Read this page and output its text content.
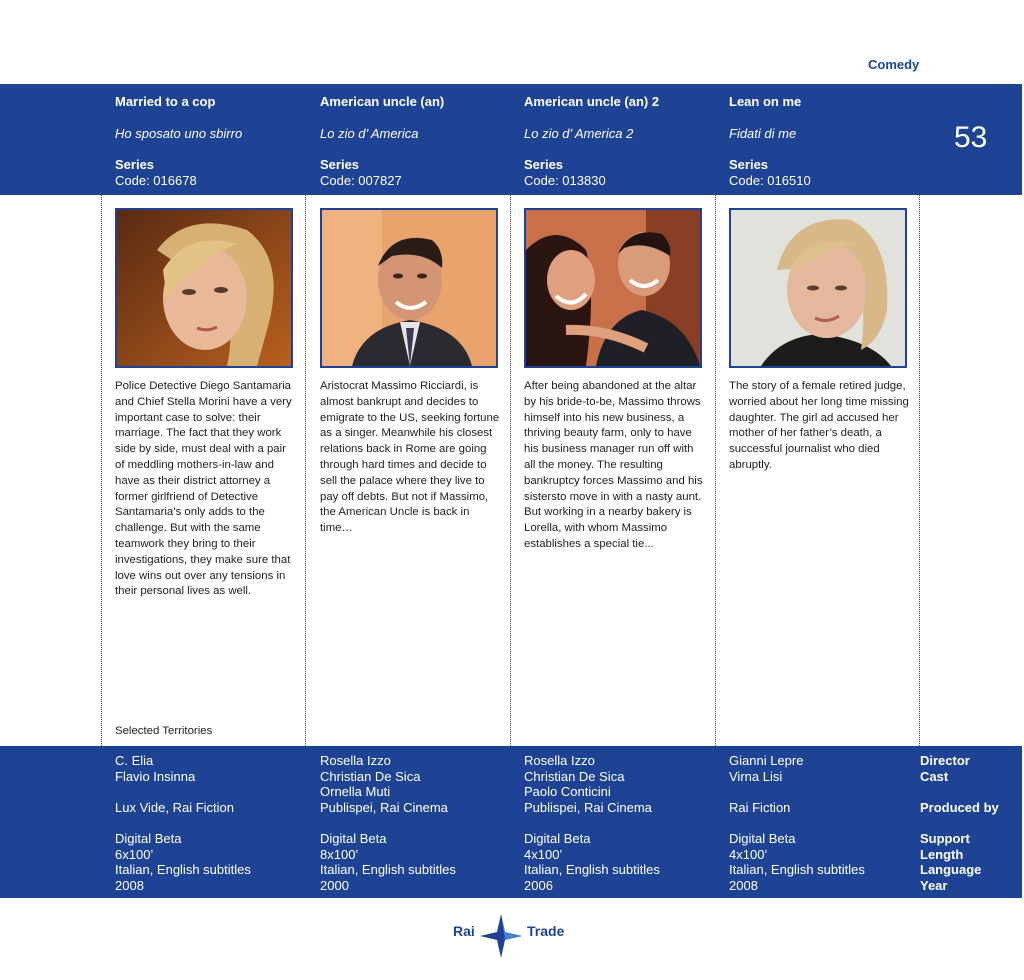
Comedy
53
Married to a cop
Ho sposato uno sbirro
Series
Code: 016678
American uncle (an)
Lo zio d’ America
Series
Code: 007827
American uncle (an) 2
Lo zio d’ America 2
Series
Code: 013830
Lean on me
Fidati di me
Series
Code: 016510
Police Detective Diego Santamaria and Chief Stella Morini have a very important case to solve: their marriage. The fact that they work side by side, must deal with a pair of meddling mothers-in-law and have as their district attorney a former girlfriend of Detective Santamaria’s only adds to the challenge. But with the same teamwork they bring to their investigations, they make sure that love wins out over any tensions in their personal lives as well.
Aristocrat Massimo Ricciardi, is almost bankrupt and decides to emigrate to the US, seeking fortune as a singer. Meanwhile his closest relations back in Rome are going through hard times and decide to sell the palace where they live to pay off debts. But not if Massimo, the American Uncle is back in time…
After being abandoned at the altar by his bride-to-be, Massimo throws himself into his new business, a thriving beauty farm, only to have his business manager run off with all the money. The resulting bankruptcy forces Massimo and his sistersto move in with a nasty aunt. But working in a nearby bakery is Lorella, with whom Massimo establishes a special tie...
The story of a female retired judge, worried about her long time missing daughter. The girl ad accused her mother of her father’s death, a successful journalist who died abruptly.
Selected Territories
C. Elia
Flavio Insinna
Lux Vide, Rai Fiction
Digital Beta
6x100’
Italian, English subtitles
2008
Rosella Izzo
Christian De Sica
Ornella Muti
Publispei, Rai Cinema
Digital Beta
8x100’
Italian, English subtitles
2000
Rosella Izzo
Christian De Sica
Paolo Conticini
Publispei, Rai Cinema
Digital Beta
4x100’
Italian, English subtitles
2006
Gianni Lepre
Virna Lisi
Rai Fiction
Digital Beta
4x100’
Italian, English subtitles
2008
Director
Cast
Produced by
Support
Length
Language
Year
Rai	Trade
